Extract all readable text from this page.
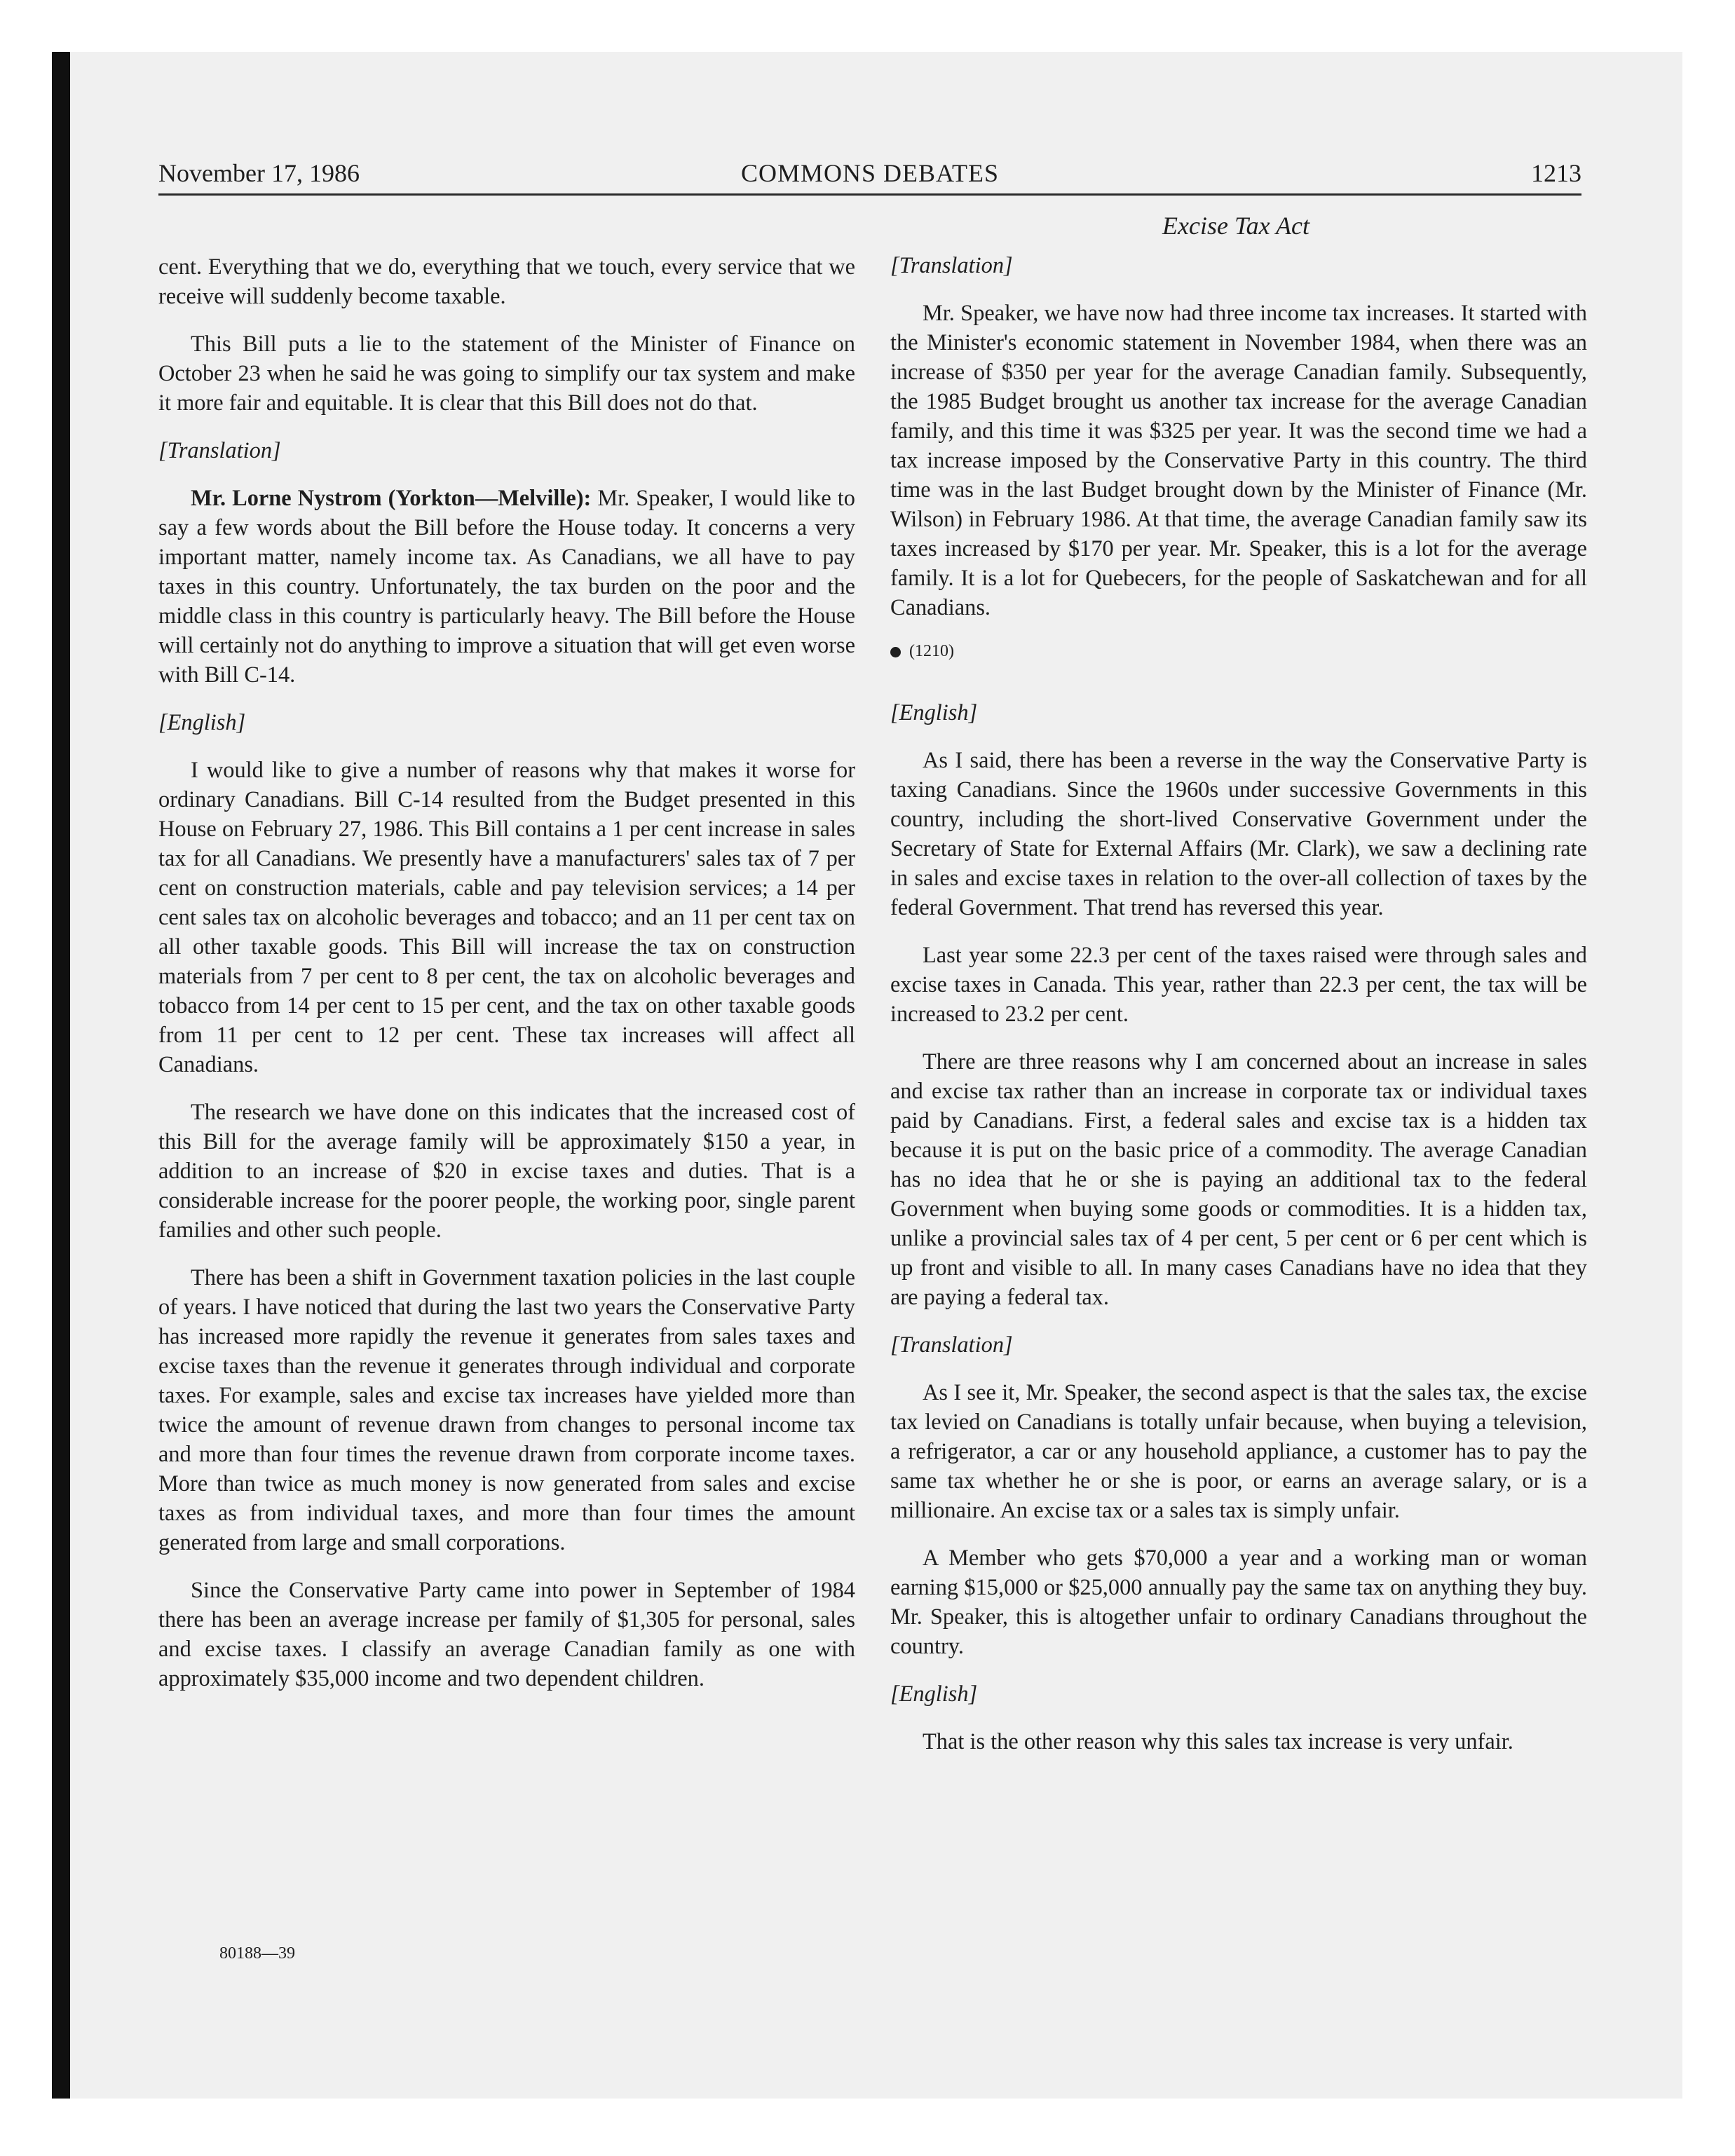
November 17, 1986	COMMONS DEBATES	1213
Excise Tax Act

cent. Everything that we do, everything that we touch, every service that we receive will suddenly become taxable.

This Bill puts a lie to the statement of the Minister of Finance on October 23 when he said he was going to simplify our tax system and make it more fair and equitable. It is clear that this Bill does not do that.

[Translation]

Mr. Lorne Nystrom (Yorkton—Melville): Mr. Speaker, I would like to say a few words about the Bill before the House today. It concerns a very important matter, namely income tax. As Canadians, we all have to pay taxes in this country. Unfortunately, the tax burden on the poor and the middle class in this country is particularly heavy. The Bill before the House will certainly not do anything to improve a situation that will get even worse with Bill C-14.

[English]

I would like to give a number of reasons why that makes it worse for ordinary Canadians. Bill C-14 resulted from the Budget presented in this House on February 27, 1986. This Bill contains a 1 per cent increase in sales tax for all Canadians. We presently have a manufacturers' sales tax of 7 per cent on construction materials, cable and pay television services; a 14 per cent sales tax on alcoholic beverages and tobacco; and an 11 per cent tax on all other taxable goods. This Bill will increase the tax on construction materials from 7 per cent to 8 per cent, the tax on alcoholic beverages and tobacco from 14 per cent to 15 per cent, and the tax on other taxable goods from 11 per cent to 12 per cent. These tax increases will affect all Canadians.

The research we have done on this indicates that the increased cost of this Bill for the average family will be approximately $150 a year, in addition to an increase of $20 in excise taxes and duties. That is a considerable increase for the poorer people, the working poor, single parent families and other such people.

There has been a shift in Government taxation policies in the last couple of years. I have noticed that during the last two years the Conservative Party has increased more rapidly the revenue it generates from sales taxes and excise taxes than the revenue it generates through individual and corporate taxes. For example, sales and excise tax increases have yielded more than twice the amount of revenue drawn from changes to personal income tax and more than four times the revenue drawn from corporate income taxes. More than twice as much money is now generated from sales and excise taxes as from individual taxes, and more than four times the amount generated from large and small corporations.

Since the Conservative Party came into power in September of 1984 there has been an average increase per family of $1,305 for personal, sales and excise taxes. I classify an average Canadian family as one with approximately $35,000 income and two dependent children.

[Translation]

Mr. Speaker, we have now had three income tax increases. It started with the Minister's economic statement in November 1984, when there was an increase of $350 per year for the average Canadian family. Subsequently, the 1985 Budget brought us another tax increase for the average Canadian family, and this time it was $325 per year. It was the second time we had a tax increase imposed by the Conservative Party in this country. The third time was in the last Budget brought down by the Minister of Finance (Mr. Wilson) in February 1986. At that time, the average Canadian family saw its taxes increased by $170 per year. Mr. Speaker, this is a lot for the average family. It is a lot for Quebecers, for the people of Saskatchewan and for all Canadians.

(1210)
[English]

As I said, there has been a reverse in the way the Conservative Party is taxing Canadians. Since the 1960s under successive Governments in this country, including the short-lived Conservative Government under the Secretary of State for External Affairs (Mr. Clark), we saw a declining rate in sales and excise taxes in relation to the over-all collection of taxes by the federal Government. That trend has reversed this year.

Last year some 22.3 per cent of the taxes raised were through sales and excise taxes in Canada. This year, rather than 22.3 per cent, the tax will be increased to 23.2 per cent.

There are three reasons why I am concerned about an increase in sales and excise tax rather than an increase in corporate tax or individual taxes paid by Canadians. First, a federal sales and excise tax is a hidden tax because it is put on the basic price of a commodity. The average Canadian has no idea that he or she is paying an additional tax to the federal Government when buying some goods or commodities. It is a hidden tax, unlike a provincial sales tax of 4 per cent, 5 per cent or 6 per cent which is up front and visible to all. In many cases Canadians have no idea that they are paying a federal tax.

[Translation]

As I see it, Mr. Speaker, the second aspect is that the sales tax, the excise tax levied on Canadians is totally unfair because, when buying a television, a refrigerator, a car or any household appliance, a customer has to pay the same tax whether he or she is poor, or earns an average salary, or is a millionaire. An excise tax or a sales tax is simply unfair.

A Member who gets $70,000 a year and a working man or woman earning $15,000 or $25,000 annually pay the same tax on anything they buy. Mr. Speaker, this is altogether unfair to ordinary Canadians throughout the country.

[English]

That is the other reason why this sales tax increase is very unfair.

80188—39
